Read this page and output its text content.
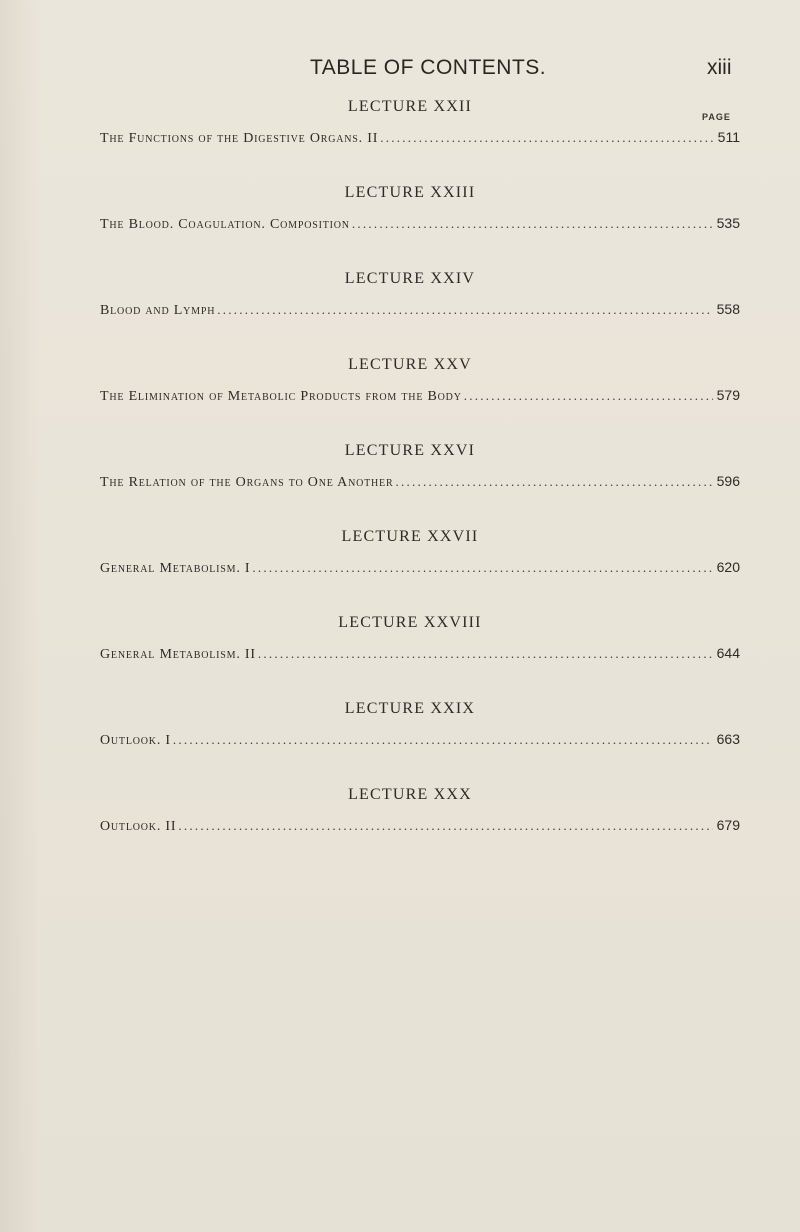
TABLE OF CONTENTS.	xiii
PAGE
LECTURE XXII
The Functions of the Digestive Organs. II . . .	511
LECTURE XXIII
The Blood. Coagulation. Composition . . .	535
LECTURE XXIV
Blood and Lymph . . .	558
LECTURE XXV
The Elimination of Metabolic Products from the Body . . .	579
LECTURE XXVI
The Relation of the Organs to One Another . . .	596
LECTURE XXVII
General Metabolism. I . . .	620
LECTURE XXVIII
General Metabolism. II . . .	644
LECTURE XXIX
Outlook. I . . .	663
LECTURE XXX
Outlook. II . . .	679
